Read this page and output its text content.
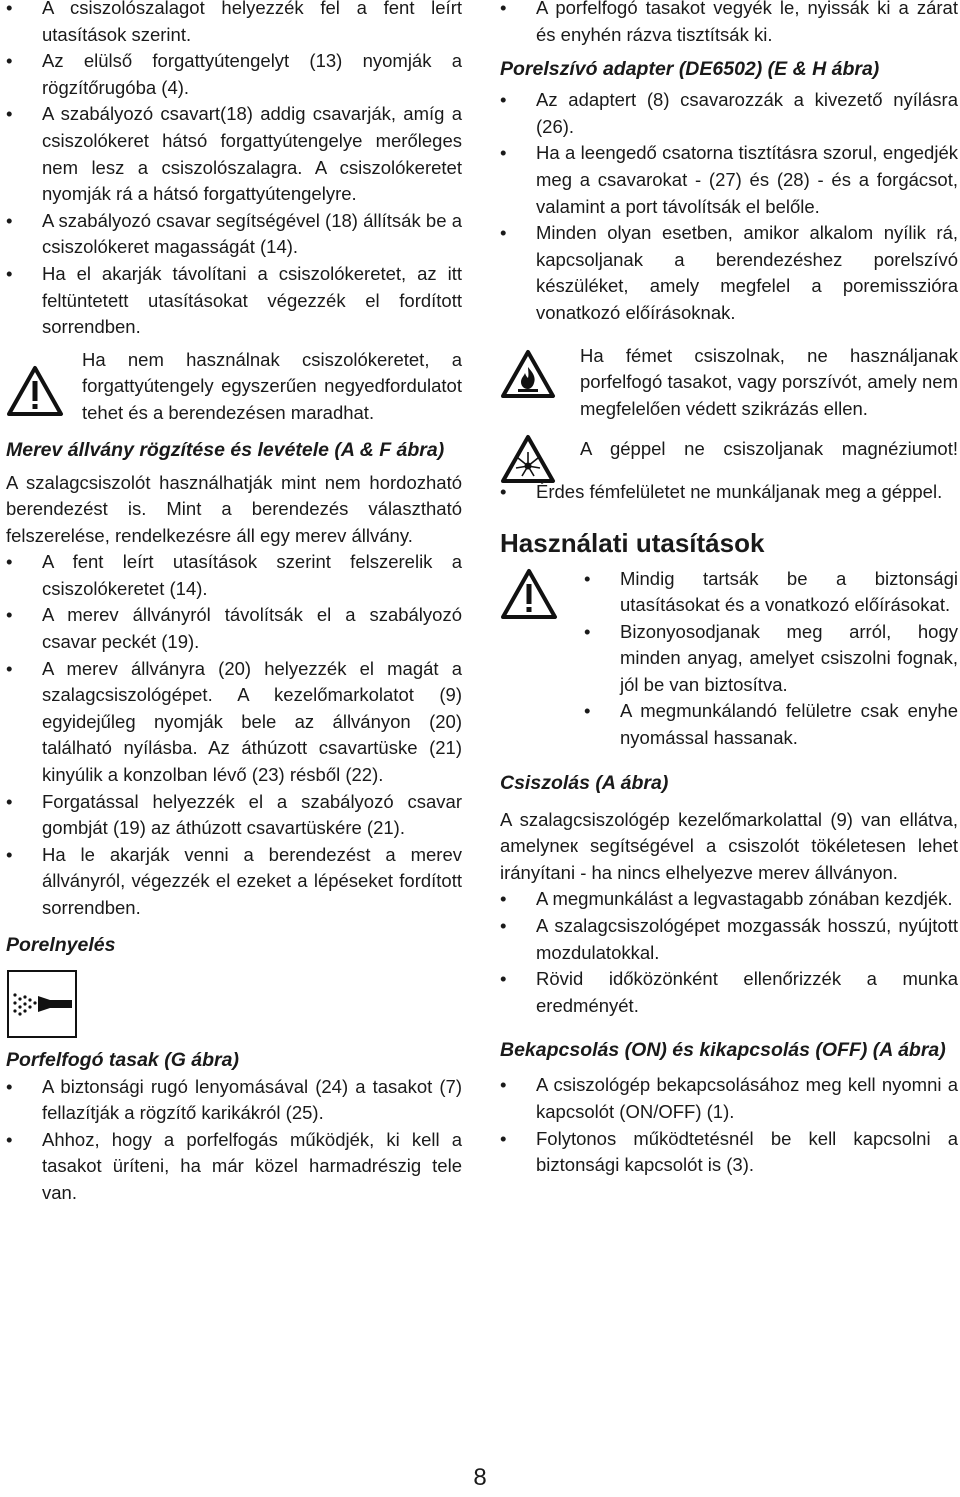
• A csiszolószalagot helyezzék fel a fent leírt utasítások szerint.
• Az elülső forgattyútengelyt (13) nyomják a rögzítőrugóba (4).
• A szabályozó csavart(18) addig csavarják, amíg a csiszolókeret hátsó forgattyútengelye merőleges nem lesz a csiszolószalagra. A csiszolókeretet nyomják rá a hátsó forgattyútengelyre.
• A szabályozó csavar segítségével (18) állítsák be a csiszolókeret magasságát (14).
• Ha el akarják távolítani a csiszolókeretet, az itt feltüntetett utasításokat végezzék el fordított sorrendben.
Ha nem használnak csiszolókeretet, a forgattyútengely egyszerűen negyedfordulatot tehet és a berendezésen maradhat.
Merev állvány rögzítése és levétele (A & F ábra)
A szalagcsiszolót használhatják mint nem hordozható berendezést is. Mint a berendezés választható felszerelése, rendelkezésre áll egy merev állvány.
• A fent leírt utasítások szerint felszerelik a csiszolókeretet (14).
• A merev állványról távolítsák el a szabályozó csavar peckét (19).
• A merev állványra (20) helyezzék el magát a szalagcsiszológépet. A kezelőmarkolatot (9) egyidejűleg nyomják bele az állványon (20) található nyílásba. Az áthúzott csavartüske (21) kinyúlik a konzolban lévő (23) résből (22).
• Forgatással helyezzék el a szabályozó csavar gombját (19) az áthúzott csavartüskére (21).
• Ha le akarják venni a berendezést a merev állványról, végezzék el ezeket a lépéseket fordított sorrendben.
Porelnyelés
Porfelfogó tasak (G ábra)
• A biztonsági rugó lenyomásával (24) a tasakot (7) fellazítják a rögzítő karikákról (25).
• Ahhoz, hogy a porfelfogás működjék, ki kell a tasakot üríteni, ha már közel harmadrészig tele van.
• A porfelfogó tasakot vegyék le, nyissák ki a zárat és enyhén rázva tisztítsák ki.
Porelszívó adapter (DE6502) (E & H ábra)
• Az adaptert (8) csavarozzák a kivezető nyílásra (26).
• Ha a leengedő csatorna tisztításra szorul, engedjék meg a csavarokat - (27) és (28) - és a forgácsot, valamint a port távolítsák el belőle.
• Minden olyan esetben, amikor alkalom nyílik rá, kapcsoljanak a berendezéshez porelszívó készüléket, amely megfelel a poremisszióra vonatkozó előírásoknak.
Ha fémet csiszolnak, ne használjanak porfelfogó tasakot, vagy porszívót, amely nem megfelelően védett szikrázás ellen.
A géppel ne csiszoljanak magnéziumot!
• Érdes fémfelületet ne munkáljanak meg a géppel.
Használati utasítások
• Mindig tartsák be a biztonsági utasításokat és a vonatkozó előírásokat.
• Bizonyosodjanak meg arról, hogy minden anyag, amelyet csiszolni fognak, jól be van biztosítva.
• A megmunkálandó felületre csak enyhe nyomással hassanak.
Csiszolás (A ábra)
A szalagcsiszológép kezelőmarkolattal (9) van ellátva, amelyneк segítségével a csiszolót tökéletesen lehet irányítani - ha nincs elhelyezve merev állványon.
• A megmunkálást a legvastagabb zónában kezdjék.
• A szalagcsiszológépet mozgassák hosszú, nyújtott mozdulatokkal.
• Rövid időközönként ellenőrizzék a munka eredményét.
Bekapcsolás (ON) és kikapcsolás (OFF) (A ábra)
• A csiszológép bekapcsolásához meg kell nyomni a kapcsolót (ON/OFF) (1).
• Folytonos működtetésnél be kell kapcsolni a biztonsági kapcsolót is (3).
8
